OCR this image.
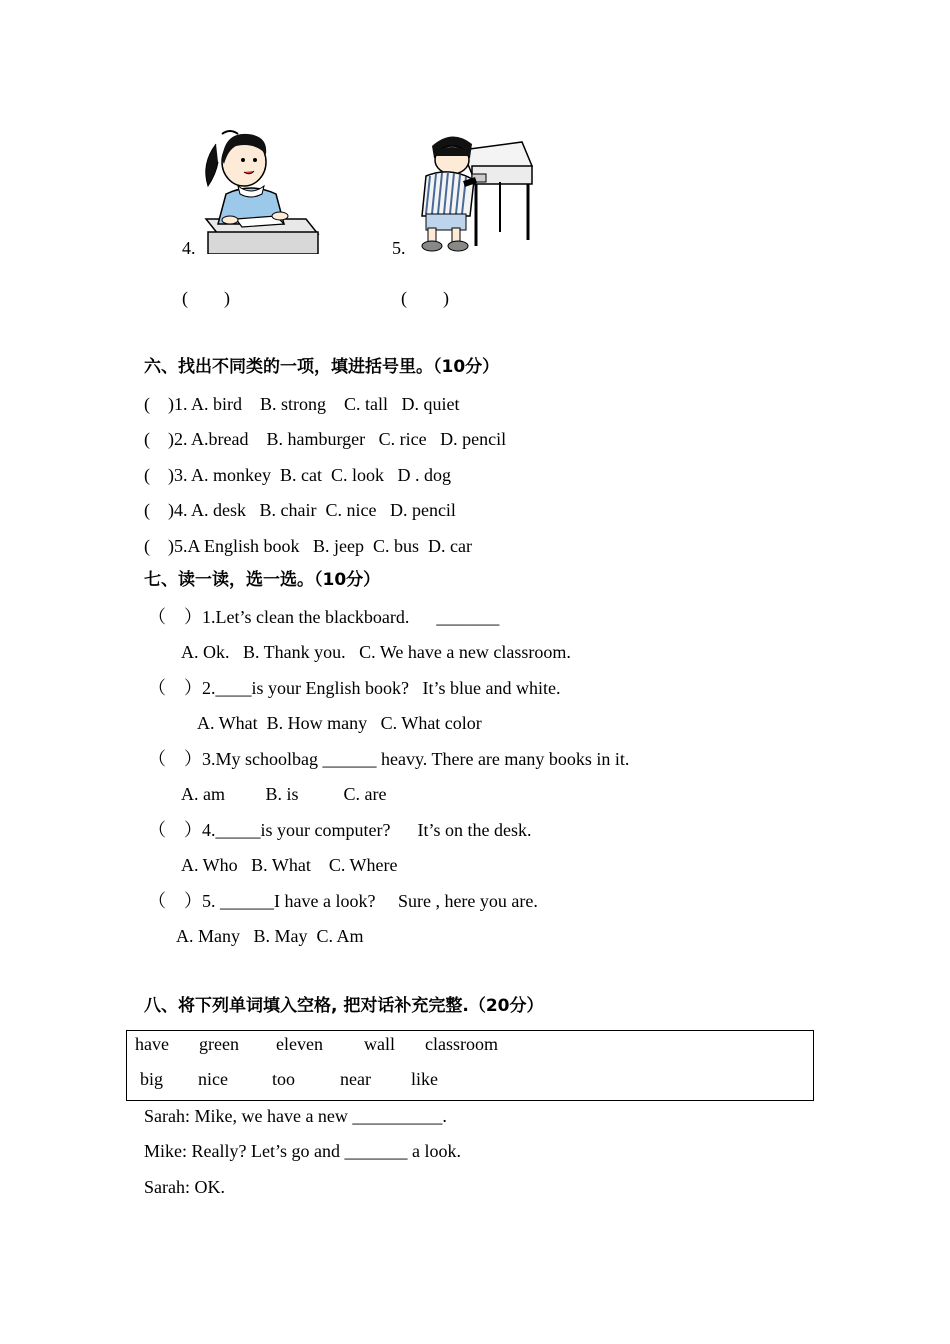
4.	5.
(　　)	(　　)
六、找出不同类的一项，填进括号里。（10分）
(    )1. A. bird    B. strong    C. tall   D. quiet
(    )2. A.bread    B. hamburger   C. rice   D. pencil
(    )3. A. monkey  B. cat  C. look   D . dog
(    )4. A. desk   B. chair  C. nice   D. pencil
(    )5.A English book   B. jeep  C. bus  D. car
七、读一读，选一选。（10分）
（    ）1.Let’s clean the blackboard.      _______
A. Ok.   B. Thank you.   C. We have a new classroom.
（    ）2.____is your English book?   It’s blue and white.
A. What  B. How many   C. What color
（    ）3.My schoolbag ______ heavy. There are many books in it.
A. am         B. is          C. are
（    ）4._____is your computer?      It’s on the desk.
A. Who   B. What    C. Where
（    ）5. ______I have a look?     Sure , here you are.
A. Many   B. May  C. Am
八、将下列单词填入空格, 把对话补充完整.（20分）
have green eleven wall classroom
big nice too near like
Sarah: Mike, we have a new __________.
Mike: Really? Let’s go and _______ a look.
Sarah: OK.
